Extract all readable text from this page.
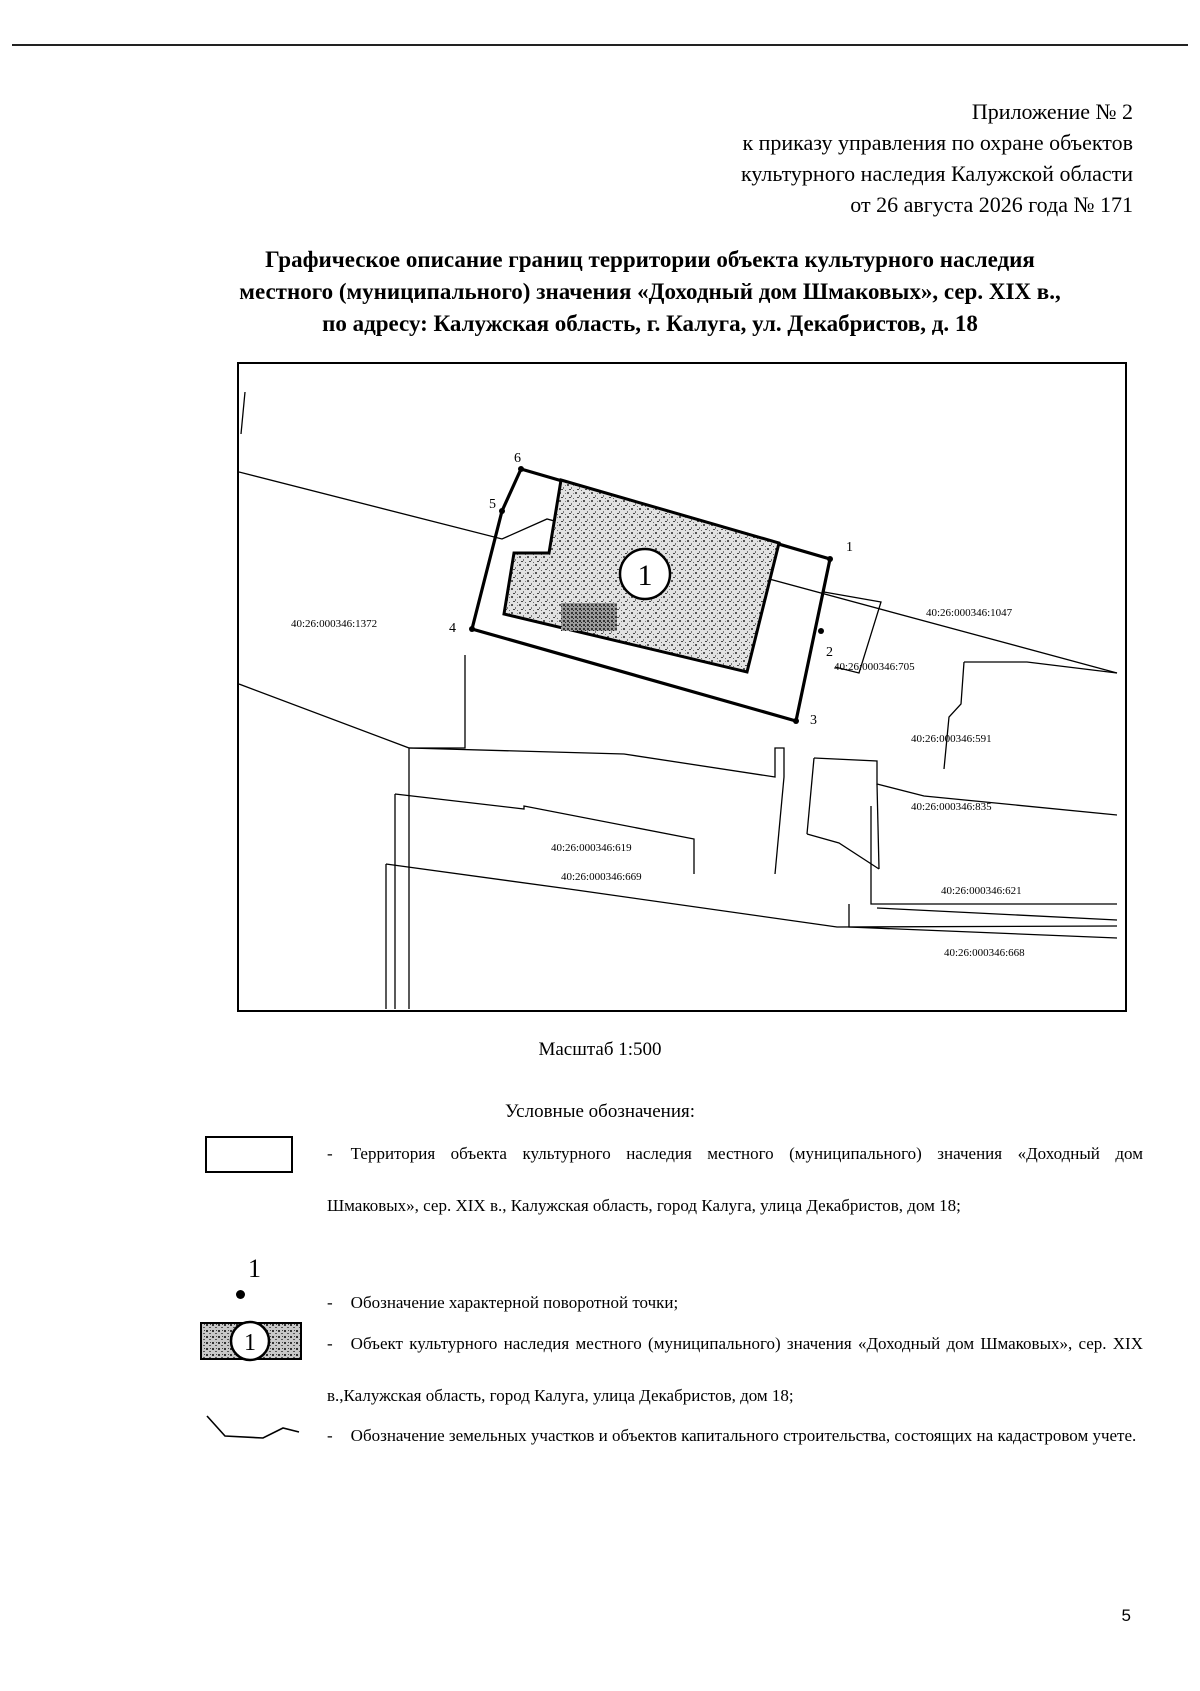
Приложение № 2
к приказу управления по охране объектов
культурного наследия Калужской области
от 26 августа 2026 года № 171
Графическое описание границ территории объекта культурного наследия
местного (муниципального) значения «Доходный дом Шмаковых», сер. XIX в.,
по адресу: Калужская область, г. Калуга, ул. Декабристов, д. 18
1
1
2
3
4
5
6
40:26:000346:1372
40:26:000346:1047
40:26:000346:705
40:26:000346:591
40:26:000346:835
40:26:000346:619
40:26:000346:669
40:26:000346:621
40:26:000346:668
Масштаб 1:500
Условные обозначения:
1
1
- Территория объекта культурного наследия местного (муниципального) значения «Доходный дом Шмаковых», сер. XIX в., Калужская область, город Калуга, улица Декабристов, дом 18;
- Обозначение характерной поворотной точки;
- Объект культурного наследия местного (муниципального) значения «Доходный дом Шмаковых», сер. XIX в.,Калужская область, город Калуга, улица Декабристов, дом 18;
- Обозначение земельных участков и объектов капитального строительства, состоящих на кадастровом учете.
5
